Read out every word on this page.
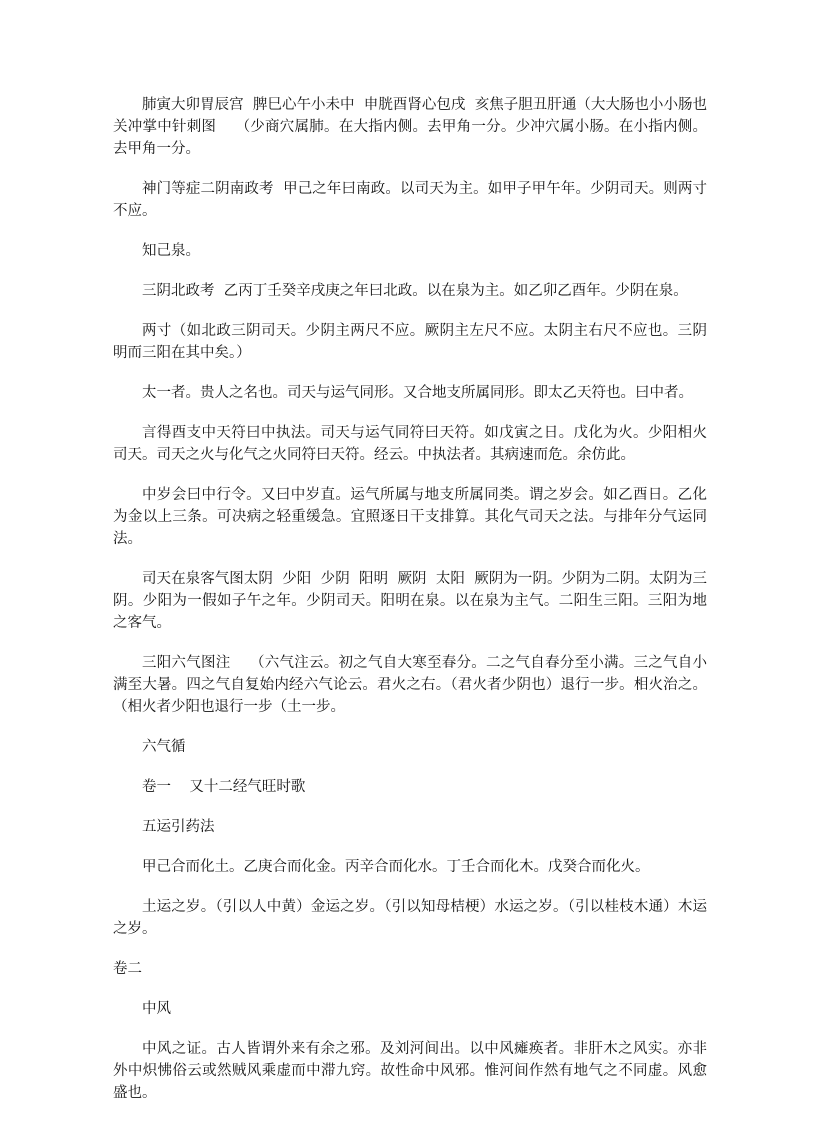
肺寅大卯胃辰宫  脾巳心午小未中  申胱酉肾心包戌  亥焦子胆丑肝通（大大肠也小小肠也关冲掌中针刺图    （少商穴属肺。在大指内侧。去甲角一分。少冲穴属小肠。在小指内侧。去甲角一分。

神门等症二阴南政考  甲己之年曰南政。以司天为主。如甲子甲午年。少阴司天。则两寸不应。

知己泉。

三阴北政考  乙丙丁壬癸辛戌庚之年曰北政。以在泉为主。如乙卯乙酉年。少阴在泉。

两寸（如北政三阴司天。少阴主两尺不应。厥阴主左尺不应。太阴主右尺不应也。三阴明而三阳在其中矣。）

太一者。贵人之名也。司天与运气同形。又合地支所属同形。即太乙天符也。曰中者。

言得酉支中天符曰中执法。司天与运气同符曰天符。如戊寅之日。戊化为火。少阳相火司天。司天之火与化气之火同符曰天符。经云。中执法者。其病速而危。余仿此。

中岁会曰中行令。又曰中岁直。运气所属与地支所属同类。谓之岁会。如乙酉日。乙化为金以上三条。可决病之轻重缓急。宜照逐日干支排算。其化气司天之法。与排年分气运同法。

司天在泉客气图太阴  少阳  少阴  阳明  厥阴  太阳  厥阴为一阴。少阴为二阴。太阴为三阴。少阳为一假如子午之年。少阴司天。阳明在泉。以在泉为主气。二阳生三阳。三阳为地之客气。

三阳六气图注    （六气注云。初之气自大寒至春分。二之气自春分至小满。三之气自小满至大暑。四之气自复始内经六气论云。君火之右。（君火者少阴也）退行一步。相火治之。（相火者少阳也退行一步（土一步。

六气循

卷一    又十二经气旺时歌

五运引药法

甲己合而化土。乙庚合而化金。丙辛合而化水。丁壬合而化木。戊癸合而化火。

土运之岁。（引以人中黄）金运之岁。（引以知母桔梗）水运之岁。（引以桂枝木通）木运之岁。

卷二

中风

中风之证。古人皆谓外来有余之邪。及刘河间出。以中风瘫痪者。非肝木之风实。亦非外中炽怫俗云或然贼风乘虚而中滞九窍。故性命中风邪。惟河间作然有地气之不同虚。风愈盛也。
